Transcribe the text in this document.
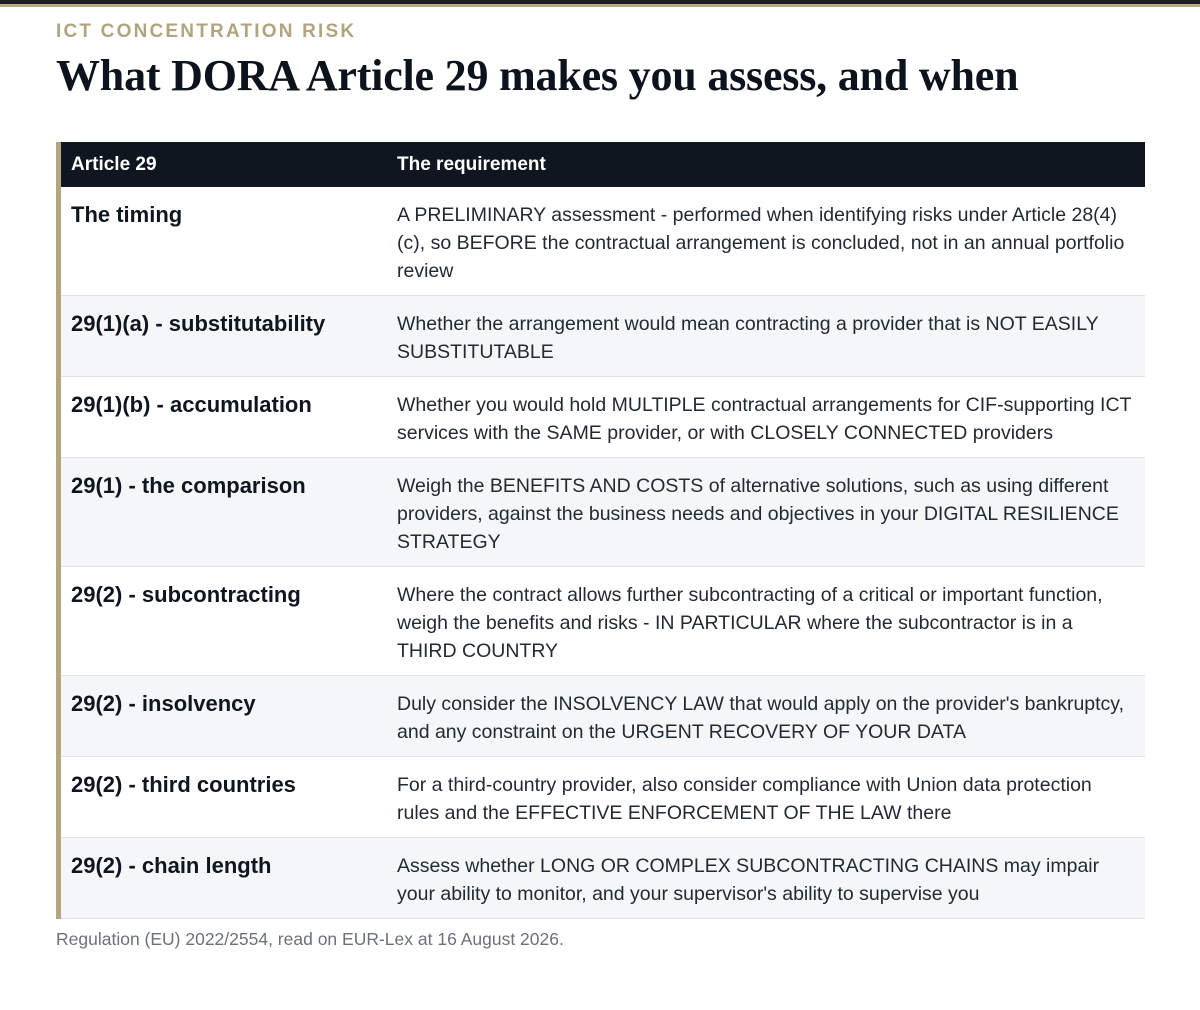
ICT CONCENTRATION RISK
What DORA Article 29 makes you assess, and when
Article 29	The requirement
The timing	A PRELIMINARY assessment - performed when identifying risks under Article 28(4)(c), so BEFORE the contractual arrangement is concluded, not in an annual portfolio review
29(1)(a) - substitutability	Whether the arrangement would mean contracting a provider that is NOT EASILY SUBSTITUTABLE
29(1)(b) - accumulation	Whether you would hold MULTIPLE contractual arrangements for CIF-supporting ICT services with the SAME provider, or with CLOSELY CONNECTED providers
29(1) - the comparison	Weigh the BENEFITS AND COSTS of alternative solutions, such as using different providers, against the business needs and objectives in your DIGITAL RESILIENCE STRATEGY
29(2) - subcontracting	Where the contract allows further subcontracting of a critical or important function, weigh the benefits and risks - IN PARTICULAR where the subcontractor is in a THIRD COUNTRY
29(2) - insolvency	Duly consider the INSOLVENCY LAW that would apply on the provider's bankruptcy, and any constraint on the URGENT RECOVERY OF YOUR DATA
29(2) - third countries	For a third-country provider, also consider compliance with Union data protection rules and the EFFECTIVE ENFORCEMENT OF THE LAW there
29(2) - chain length	Assess whether LONG OR COMPLEX SUBCONTRACTING CHAINS may impair your ability to monitor, and your supervisor's ability to supervise you
Regulation (EU) 2022/2554, read on EUR-Lex at 16 August 2026.
